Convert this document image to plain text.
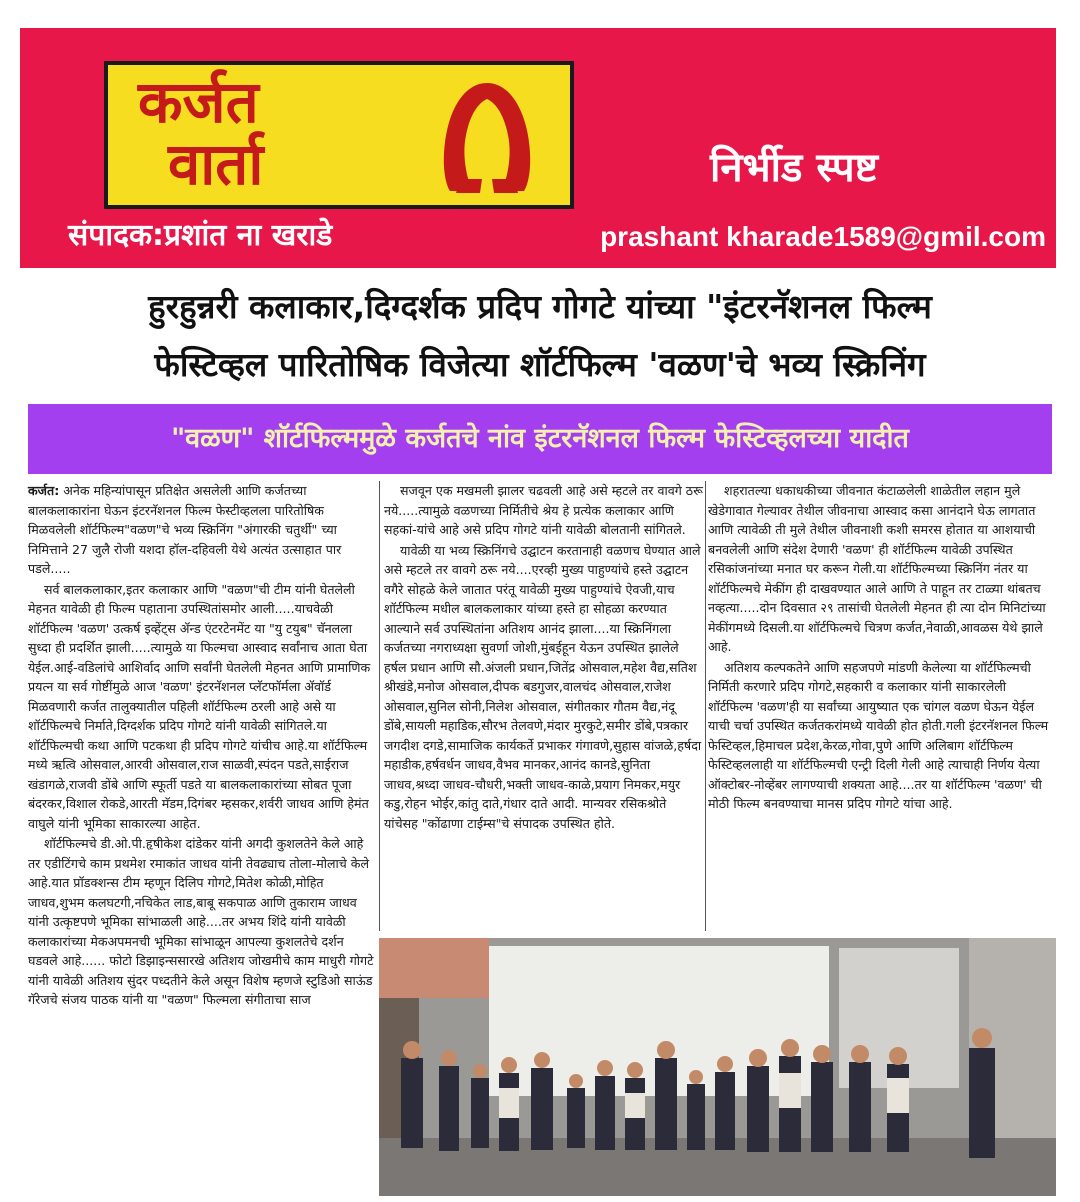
कर्जत
वार्ता	निर्भीड स्पष्ट
संपादक:प्रशांत ना खराडे	prashant kharade1589@gmil.com
हुरहुन्नरी कलाकार,दिग्दर्शक प्रदिप गोगटे यांच्या "इंटरनॅशनल फिल्म
फेस्टिव्हल पारितोषिक विजेत्या शॉर्टफिल्म 'वळण'चे भव्य स्क्रिनिंग
"वळण" शॉर्टफिल्ममुळे कर्जतचे नांव इंटरनॅशनल फिल्म फेस्टिव्हलच्या यादीत

कर्जत: अनेक महिन्यांपासून प्रतिक्षेत असलेली आणि कर्जतच्या बालकलाकारांना घेऊन इंटरनॅशनल फिल्म फेस्टीव्हलला पारितोषिक मिळवलेली शॉर्टफिल्म"वळण"चे भव्य स्क्रिनिंग "अंगारकी चतुर्थी" च्या निमित्ताने 27 जुलै रोजी यशदा हॉल-दहिवली येथे अत्यंत उत्साहात पार पडले.....

सर्व बालकलाकार,इतर कलाकार आणि "वळण"ची टीम यांनी घेतलेली मेहनत यावेळी ही फिल्म पहाताना उपस्थितांसमोर आली.....याचवेळी शॉर्टफिल्म 'वळण' उत्कर्ष इव्हेंट्स ॲन्ड एंटरटेनमेंट या "यु टयुब" चॅनलला सुध्दा ही प्रदर्शित झाली.....त्यामुळे या फिल्मचा आस्वाद सर्वांनाच आता घेता येईल.आई-वडिलांचे आशिर्वाद आणि सर्वांनी घेतलेली मेहनत आणि प्रामाणिक प्रयत्न या सर्व गोष्टींमुळे आज 'वळण' इंटरनॅशनल प्लॅटफॉर्मला ॲवॉर्ड मिळवणारी कर्जत तालुक्यातील पहिली शॉर्टफिल्म ठरली आहे असे या शॉर्टफिल्मचे निर्माते,दिग्दर्शक प्रदिप गोगटे यांनी यावेळी सांगितले.या शॉर्टफिल्मची कथा आणि पटकथा ही प्रदिप गोगटे यांचीच आहे.या शॉर्टफिल्म मध्ये ऋत्वि ओसवाल,आरवी ओसवाल,राज साळवी,स्पंदन पडते,साईराज खंडागळे,राजवी डोंबे आणि स्फूर्ती पडते या बालकलाकारांच्या सोबत पूजा बंदरकर,विशाल रोकडे,आरती मॅडम,दिगंबर म्हसकर,शर्वरी जाधव आणि हेमंत वाघुले यांनी भूमिका साकारल्या आहेत.

शॉर्टफिल्मचे डी.ओ.पी.हृषीकेश दांडेकर यांनी अगदी कुशलतेने केले आहे तर एडीटिंगचे काम प्रथमेश रमाकांत जाधव यांनी तेवढ्याच तोला-मोलाचे केले आहे.यात प्रॉडक्शन्स टीम म्हणून दिलिप गोगटे,मितेश कोळी,मोहित जाधव,शुभम कलघटगी,नचिकेत लाड,बाबू सकपाळ आणि तुकाराम जाधव यांनी उत्कृष्टपणे भूमिका सांभाळली आहे....तर अभय शिंदे यांनी यावेळी कलाकारांच्या मेकअपमनची भूमिका सांभाळून आपल्या कुशलतेचे दर्शन घडवले आहे...... फोटो डिझाइन्ससारखे अतिशय जोखमीचे काम माधुरी गोगटे यांनी यावेळी अतिशय सुंदर पध्दतीने केले असून विशेष म्हणजे स्टुडिओ साऊंड गॅरेजचे संजय पाठक यांनी या "वळण" फिल्मला संगीताचा साज

सजवून एक मखमली झालर चढवली आहे असे म्हटले तर वावगे ठरू नये.....त्यामुळे वळणच्या निर्मितीचे श्रेय हे प्रत्येक कलाकार आणि सहकां-यांचे आहे असे प्रदिप गोगटे यांनी यावेळी बोलतानी सांगितले.

यावेळी या भव्य स्क्रिनिंगचे उद्घाटन करतानाही वळणच घेण्यात आले असे म्हटले तर वावगे ठरू नये....एरव्ही मुख्य पाहुण्यांचे हस्ते उद्घाटन वगैरे सोहळे केले जातात परंतू यावेळी मुख्य पाहुण्यांचे ऐवजी,याच शॉर्टफिल्म मधील बालकलाकार यांच्या हस्ते हा सोहळा करण्यात आल्याने सर्व उपस्थितांना अतिशय आनंद झाला....या स्क्रिनिंगला कर्जतच्या नगराध्यक्षा सुवर्णा जोशी,मुंबईहून येऊन उपस्थित झालेले हर्षल प्रधान आणि सौ.अंजली प्रधान,जितेंद्र ओसवाल,महेश वैद्य,सतिश श्रीखंडे,मनोज ओसवाल,दीपक बडगुजर,वालचंद ओसवाल,राजेश ओसवाल,सुनिल सोनी,निलेश ओसवाल, संगीतकार गौतम वैद्य,नंदू डोंबे,सायली महाडिक,सौरभ तेलवणे,मंदार मुरकुटे,समीर डोंबे,पत्रकार जगदीश दगडे,सामाजिक कार्यकर्ते प्रभाकर गंगावणे,सुहास वांजळे,हर्षदा महाडीक,हर्षवर्धन जाधव,वैभव मानकर,आनंद कानडे,सुनिता जाधव,श्रध्दा जाधव-चौधरी,भक्ती जाधव-काळे,प्रयाग निमकर,मयुर कडु,रोहन भोईर,कांतु दाते,गंधार दाते आदी. मान्यवर रसिकश्रोते यांचेसह "कोंढाणा टाईम्स"चे संपादक उपस्थित होते.

शहरातल्या धकाधकीच्या जीवनात कंटाळलेली शाळेतील लहान मुले खेडेगावात गेल्यावर तेथील जीवनाचा आस्वाद कसा आनंदाने घेऊ लागतात आणि त्यावेळी ती मुले तेथील जीवनाशी कशी समरस होतात या आशयाची बनवलेली आणि संदेश देणारी 'वळण' ही शॉर्टफिल्म यावेळी उपस्थित रसिकांजनांच्या मनात घर करून गेली.या शॉर्टफिल्मच्या स्क्रिनिंग नंतर या शॉर्टफिल्मचे मेकींग ही दाखवण्यात आले आणि ते पाहून तर टाळ्या थांबतच नव्हत्या.....दोन दिवसात २९ तासांची घेतलेली मेहनत ही त्या दोन मिनिटांच्या मेकींगमध्ये दिसली.या शॉर्टफिल्मचे चित्रण कर्जत,नेवाळी,आवळस येथे झाले आहे.

अतिशय कल्पकतेने आणि सहजपणे मांडणी केलेल्या या शॉर्टफिल्मची निर्मिती करणारे प्रदिप गोगटे,सहकारी व कलाकार यांनी साकारलेली शॉर्टफिल्म 'वळण'ही या सर्वांच्या आयुष्यात एक चांगल वळण घेऊन येईल याची चर्चा उपस्थित कर्जतकरांमध्ये यावेळी होत होती.गली इंटरनॅशनल फिल्म फेस्टिव्हल,हिमाचल प्रदेश,केरळ,गोवा,पुणे आणि अलिबाग शॉर्टफिल्म फेस्टिव्हललाही या शॉर्टफिल्मची एन्ट्री दिली गेली आहे त्याचाही निर्णय येत्या ऑक्टोबर-नोव्हेंबर लागण्याची शक्यता आहे....तर या शॉर्टफिल्म 'वळण' ची मोठी फिल्म बनवण्याचा मानस प्रदिप गोगटे यांचा आहे.
